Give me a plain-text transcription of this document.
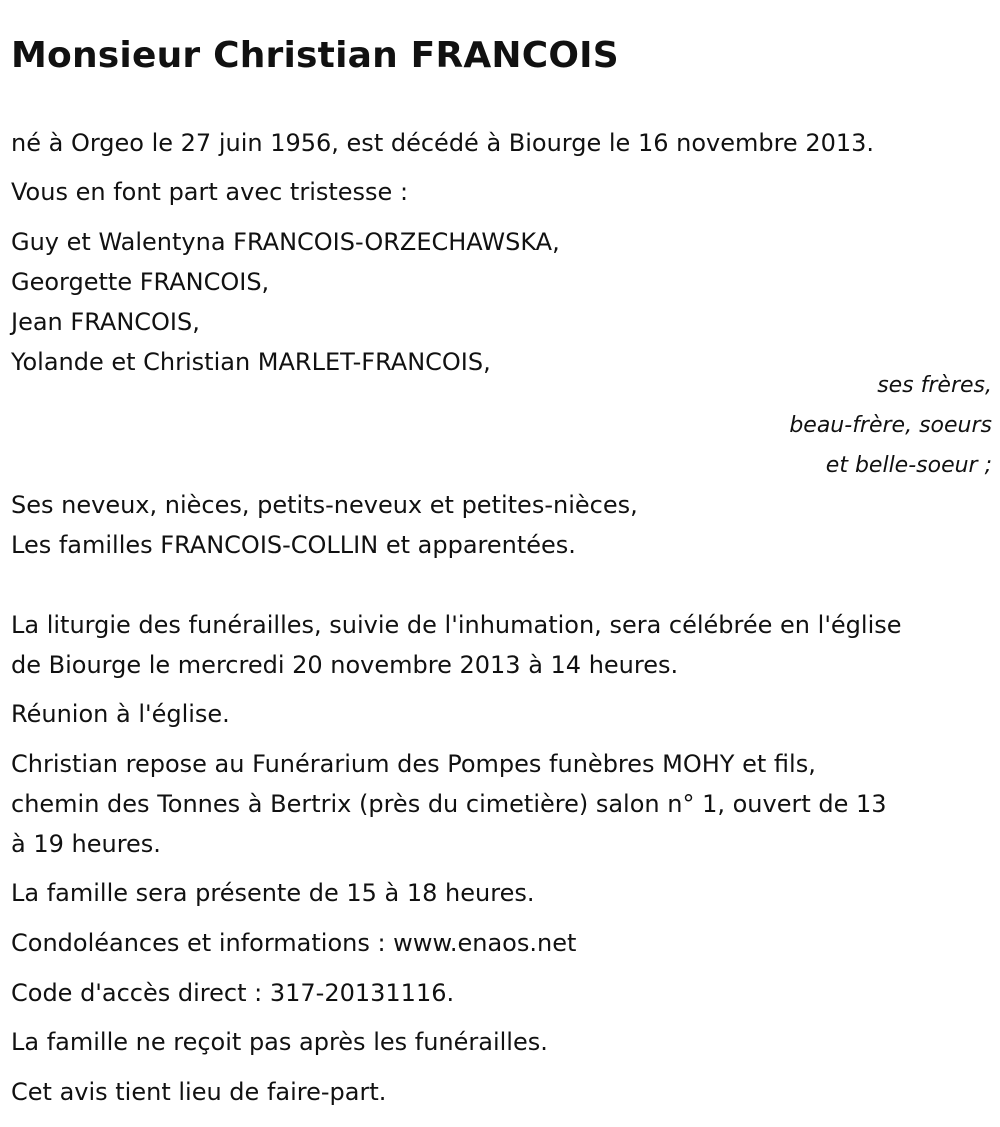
Monsieur Christian FRANCOIS

né à Orgeo le 27 juin 1956, est décédé à Biourge le 16 novembre 2013.

Vous en font part avec tristesse :

Guy et Walentyna FRANCOIS-ORZECHAWSKA,

Georgette FRANCOIS,

Jean FRANCOIS,

Yolande et Christian MARLET-FRANCOIS,

ses frères,

beau-frère, soeurs

et belle-soeur ;

Ses neveux, nièces, petits-neveux et petites-nièces,

Les familles FRANCOIS-COLLIN et apparentées.

La liturgie des funérailles, suivie de l'inhumation, sera célébrée en l'église

de Biourge le mercredi 20 novembre 2013 à 14 heures.

Réunion à l'église.

Christian repose au Funérarium des Pompes funèbres MOHY et fils,

chemin des Tonnes à Bertrix (près du cimetière) salon n° 1, ouvert de 13

à 19 heures.

La famille sera présente de 15 à 18 heures.

Condoléances et informations : www.enaos.net

Code d'accès direct : 317-20131116.

La famille ne reçoit pas après les funérailles.

Cet avis tient lieu de faire-part.
